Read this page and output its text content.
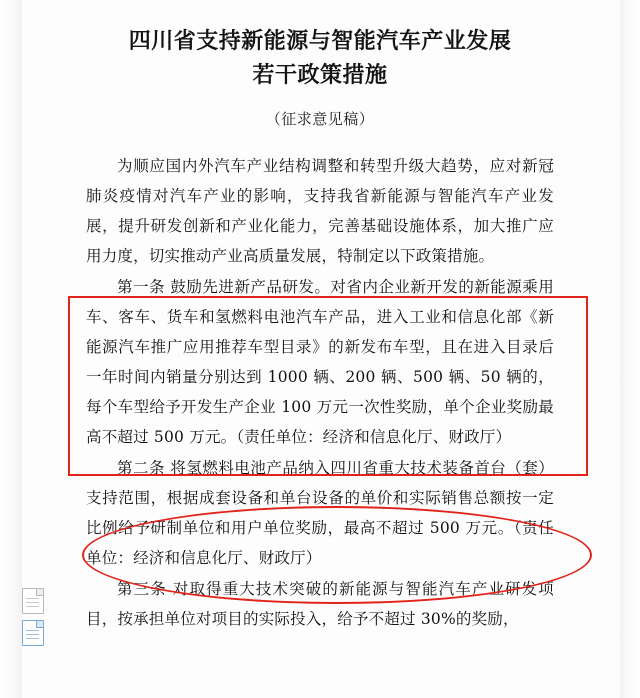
四川省支持新能源与智能汽车产业发展
若干政策措施
（征求意见稿）

为顺应国内外汽车产业结构调整和转型升级大趋势，应对新冠肺炎疫情对汽车产业的影响，支持我省新能源与智能汽车产业发展，提升研发创新和产业化能力，完善基础设施体系，加大推广应用力度，切实推动产业高质量发展，特制定以下政策措施。

第一条 鼓励先进新产品研发。对省内企业新开发的新能源乘用车、客车、货车和氢燃料电池汽车产品，进入工业和信息化部《新能源汽车推广应用推荐车型目录》的新发布车型，且在进入目录后一年时间内销量分别达到 1000 辆、200 辆、500 辆、50 辆的，每个车型给予开发生产企业 100 万元一次性奖励，单个企业奖励最高不超过 500 万元。（责任单位：经济和信息化厅、财政厅）

第二条 将氢燃料电池产品纳入四川省重大技术装备首台（套）支持范围，根据成套设备和单台设备的单价和实际销售总额按一定比例给予研制单位和用户单位奖励，最高不超过 500 万元。（责任单位：经济和信息化厅、财政厅）

第三条 对取得重大技术突破的新能源与智能汽车产业研发项目，按承担单位对项目的实际投入，给予不超过 30%的奖励，
